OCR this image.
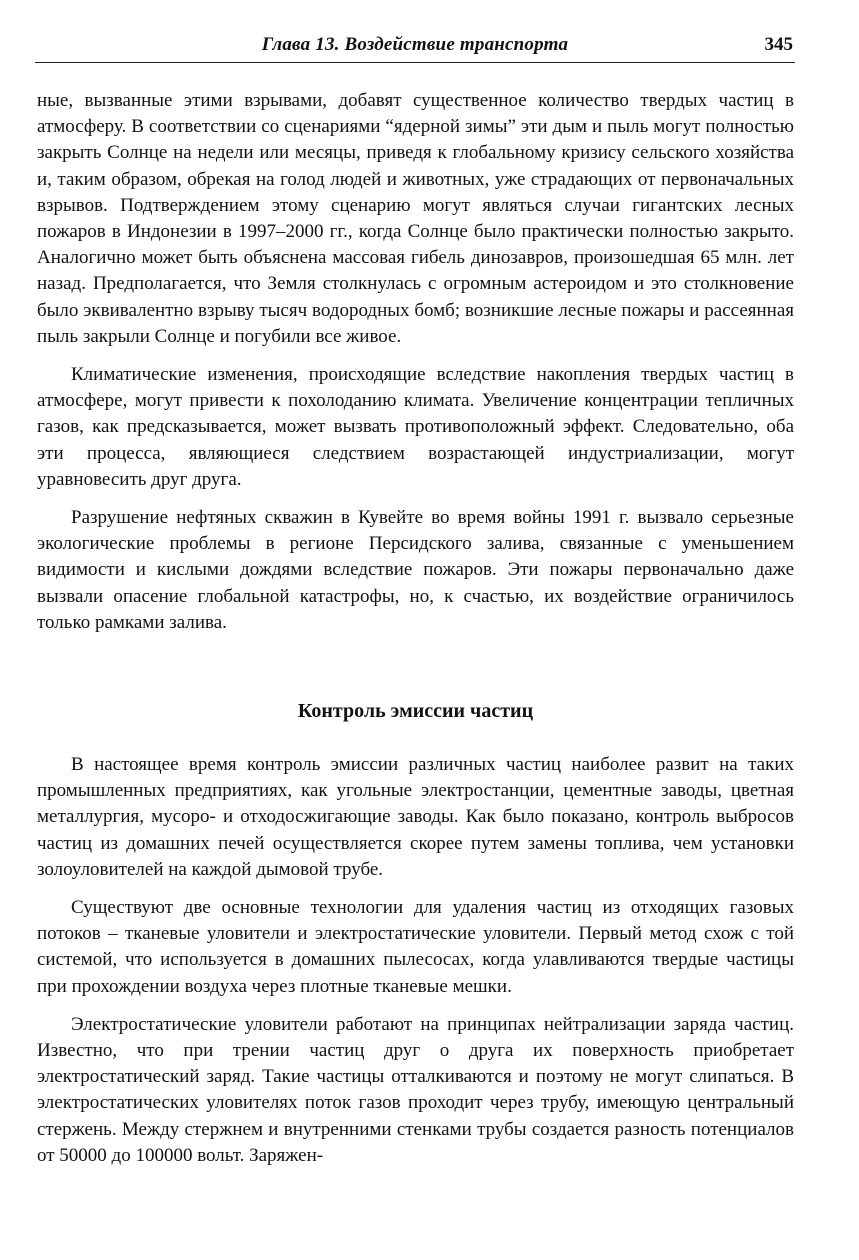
Глава 13. Воздействие транспорта	345

ные, вызванные этими взрывами, добавят существенное количество твердых частиц в атмосферу. В соответствии со сценариями “ядерной зимы” эти дым и пыль могут полностью закрыть Солнце на недели или месяцы, приведя к глобальному кризису сельского хозяйства и, таким образом, обрекая на голод людей и животных, уже страдающих от первоначальных взрывов. Подтверждением этому сценарию могут являться случаи гигантских лесных пожаров в Индонезии в 1997–2000 гг., когда Солнце было практически полностью закрыто. Аналогично может быть объяснена массовая гибель динозавров, произошедшая 65 млн. лет назад. Предполагается, что Земля столкнулась с огромным астероидом и это столкновение было эквивалентно взрыву тысяч водородных бомб; возникшие лесные пожары и рассеянная пыль закрыли Солнце и погубили все живое.

Климатические изменения, происходящие вследствие накопления твердых частиц в атмосфере, могут привести к похолоданию климата. Увеличение концентрации тепличных газов, как предсказывается, может вызвать противоположный эффект. Следовательно, оба эти процесса, являющиеся следствием возрастающей индустриализации, могут уравновесить друг друга.

Разрушение нефтяных скважин в Кувейте во время войны 1991 г. вызвало серьезные экологические проблемы в регионе Персидского залива, связанные с уменьшением видимости и кислыми дождями вследствие пожаров. Эти пожары первоначально даже вызвали опасение глобальной катастрофы, но, к счастью, их воздействие ограничилось только рамками залива.

Контроль эмиссии частиц

В настоящее время контроль эмиссии различных частиц наиболее развит на таких промышленных предприятиях, как угольные электростанции, цементные заводы, цветная металлургия, мусоро- и отходосжигающие заводы. Как было показано, контроль выбросов частиц из домашних печей осуществляется скорее путем замены топлива, чем установки золоуловителей на каждой дымовой трубе.

Существуют две основные технологии для удаления частиц из отходящих газовых потоков – тканевые уловители и электростатические уловители. Первый метод схож с той системой, что используется в домашних пылесосах, когда улавливаются твердые частицы при прохождении воздуха через плотные тканевые мешки.

Электростатические уловители работают на принципах нейтрализации заряда частиц. Известно, что при трении частиц друг о друга их поверхность приобретает электростатический заряд. Такие частицы отталкиваются и поэтому не могут слипаться. В электростатических уловителях поток газов проходит через трубу, имеющую центральный стержень. Между стержнем и внутренними стенками трубы создается разность потенциалов от 50000 до 100000 вольт. Заряжен-
